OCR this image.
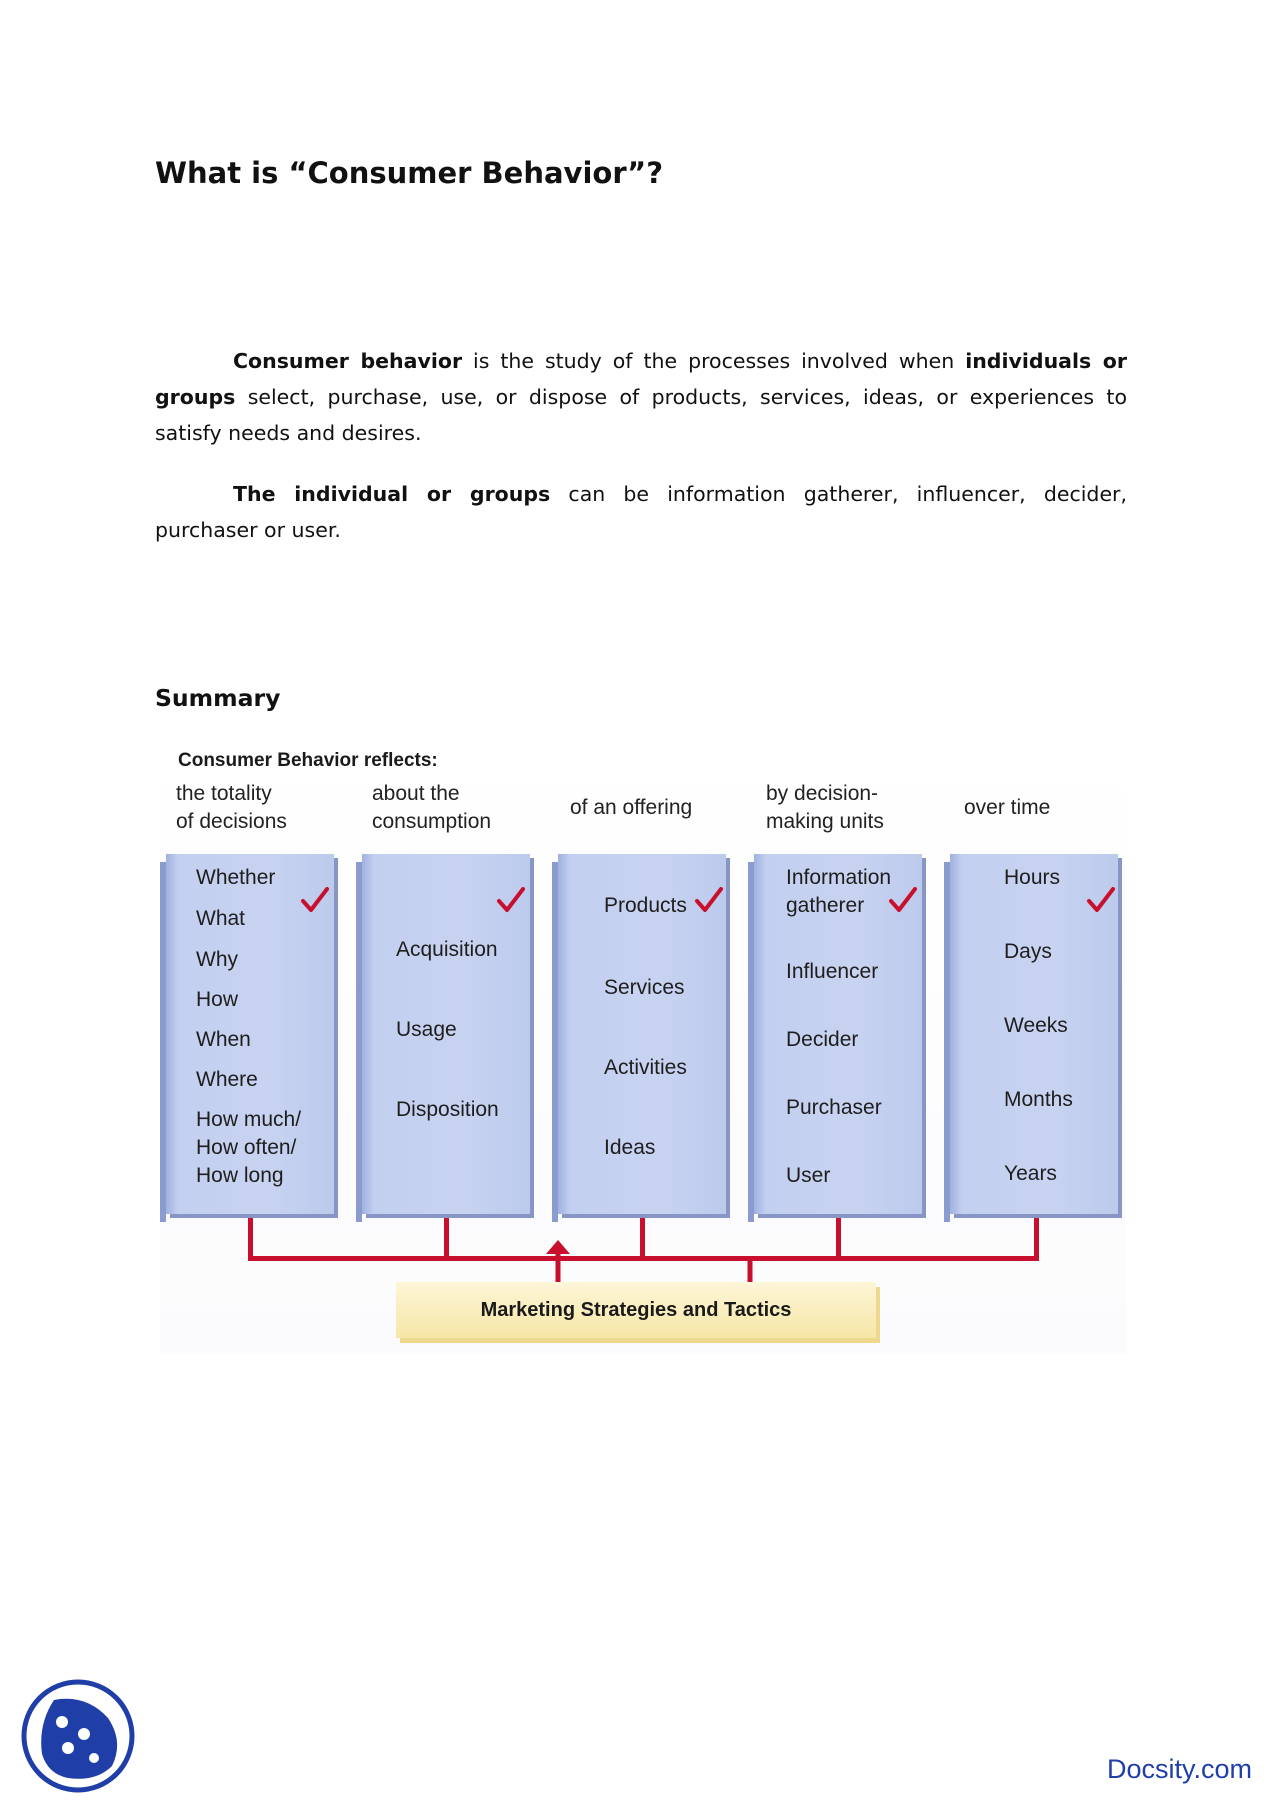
What is “Consumer Behavior”?

Consumer behavior is the study of the processes involved when individuals or groups select, purchase, use, or dispose of products, services, ideas, or experiences to satisfy needs and desires.

The individual or groups can be information gatherer, influencer, decider, purchaser or user.

Summary
Consumer Behavior reflects:
the totality
of decisions
about the
consumption
of an offering
by decision-
making units
over time
Whether
What
Why
How
When
Where
How much/
How often/
How long
Acquisition
Usage
Disposition
Products
Services
Activities
Ideas
Information
gatherer
Influencer
Decider
Purchaser
User
Hours
Days
Weeks
Months
Years
Marketing Strategies and Tactics
Docsity.com
